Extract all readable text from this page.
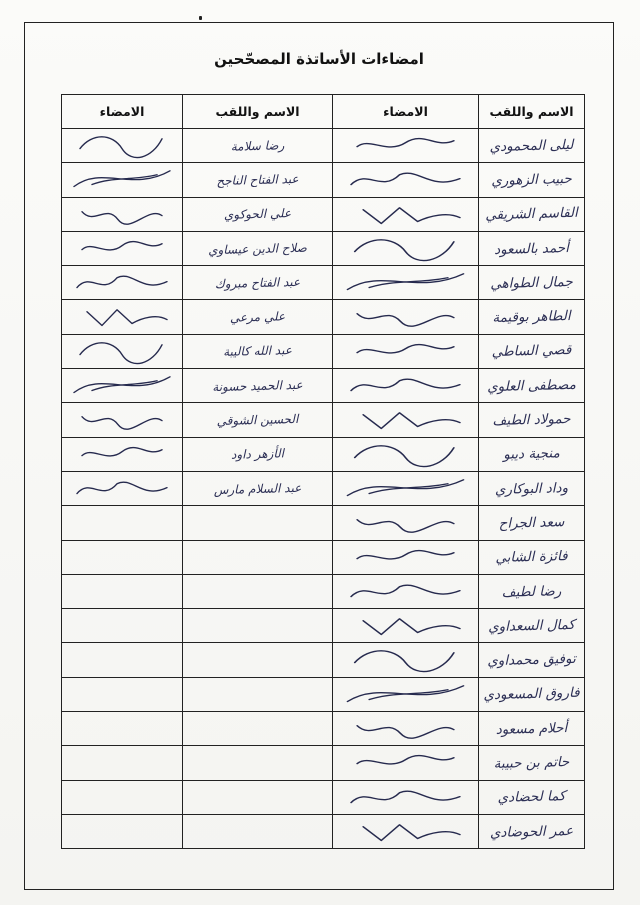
امضاءات الأساتذة المصحّحين
الاسم واللقب	الامضاء	الاسم واللقب	الامضاء

ليلى المحمودي		رضا سلامة

حبيب الزهوري		عبد الفتاح الناجح

القاسم الشريقي		علي الحوكوي

أحمد بالسعود		صلاح الدين عيساوي

جمال الطواهي		عبد الفتاح مبروك

الطاهر بوقيمة		علي مرعي

قصي الساطي		عبد الله كاليبة

مصطفى العلوي		عبد الحميد حسونة

حمولاد الطيف		الحسين الشوقي

منجية ديبو		الأزهر داود

وداد البوكاري		عبد السلام مارس

سعد الجراح

فائزة الشابي

رضا لطيف

كمال السعداوي

توفيق محمداوي

فاروق المسعودي

أحلام مسعود

حاتم بن حبيبة

كما لحضادي

عمر الحوضادي
